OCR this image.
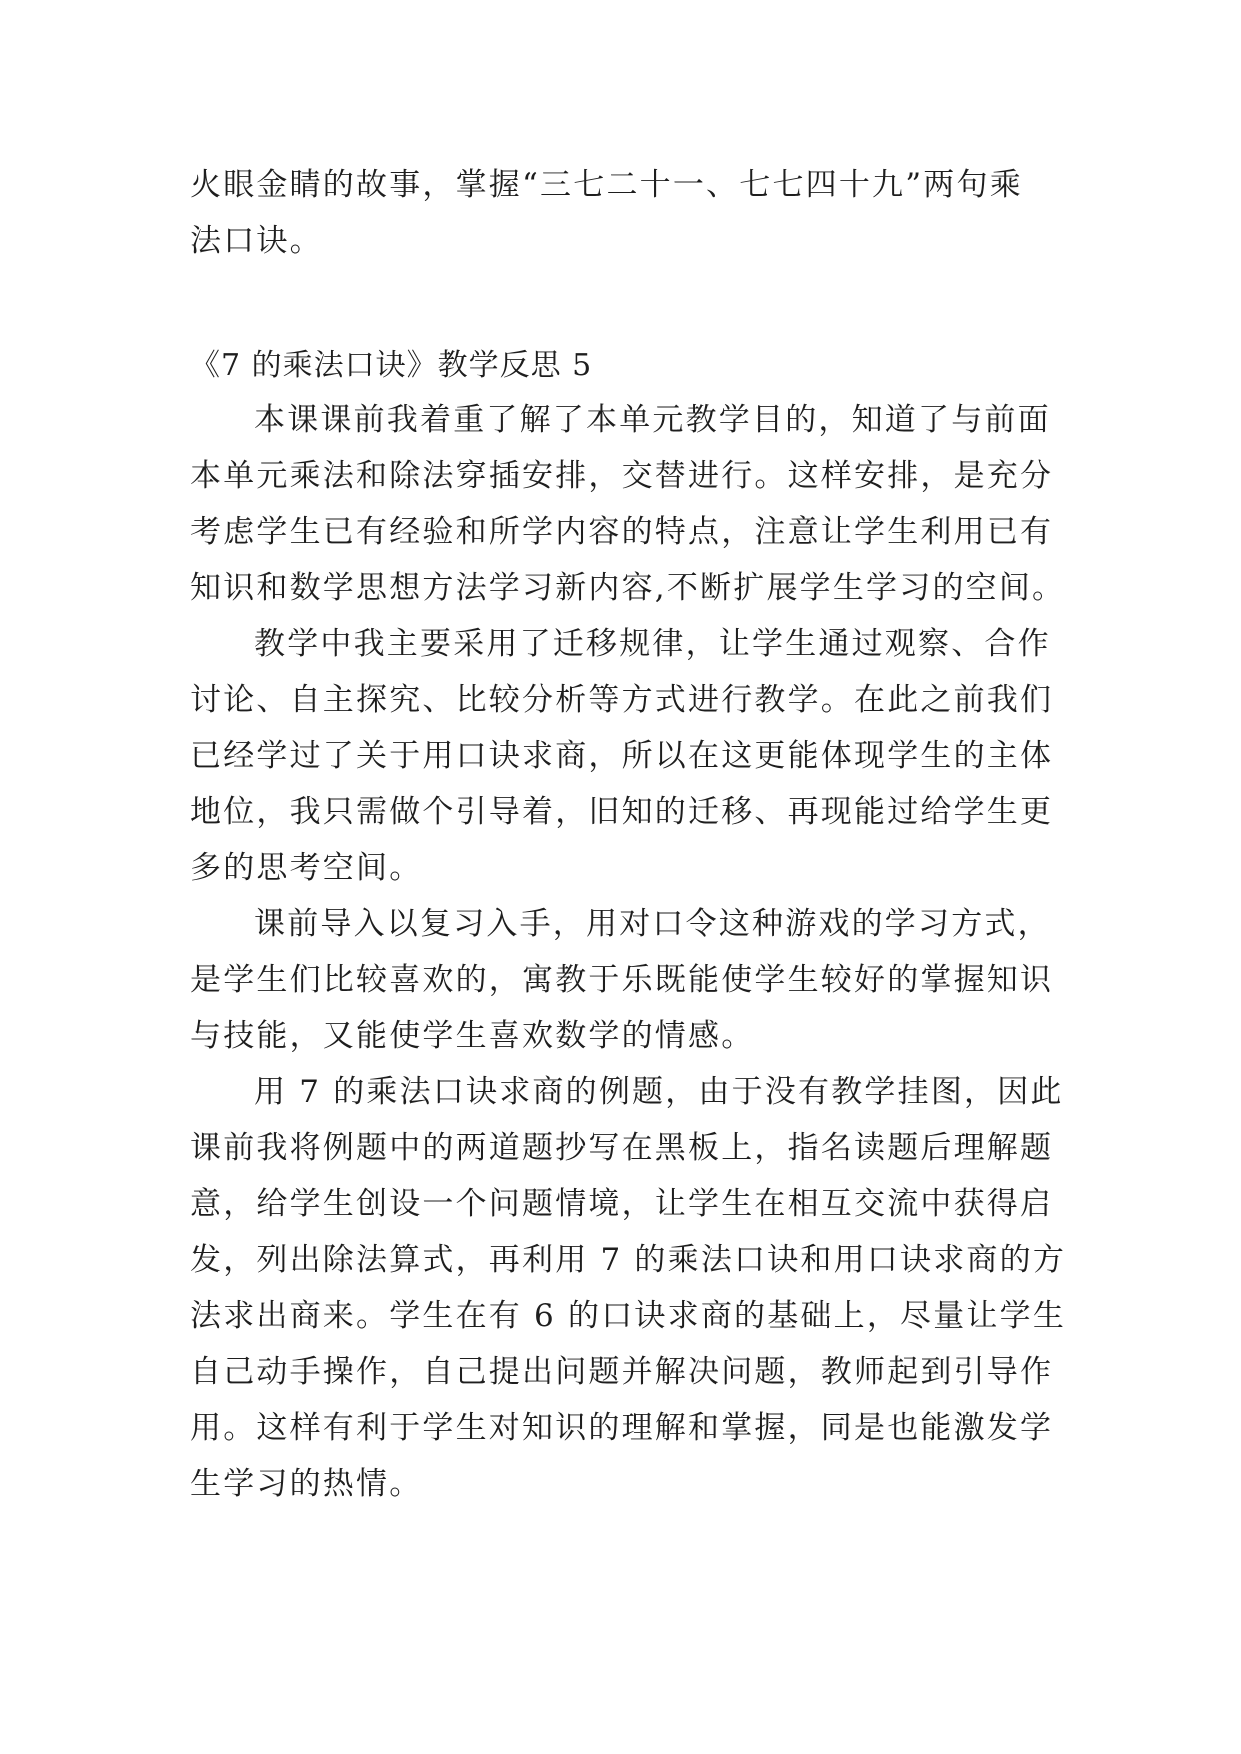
火眼金睛的故事，掌握“三七二十一、七七四十九”两句乘
法口诀。
《7 的乘法口诀》教学反思 5
本课课前我着重了解了本单元教学目的，知道了与前面
本单元乘法和除法穿插安排，交替进行。这样安排，是充分
考虑学生已有经验和所学内容的特点，注意让学生利用已有
知识和数学思想方法学习新内容,不断扩展学生学习的空间。
教学中我主要采用了迁移规律，让学生通过观察、合作
讨论、自主探究、比较分析等方式进行教学。在此之前我们
已经学过了关于用口诀求商，所以在这更能体现学生的主体
地位，我只需做个引导着，旧知的迁移、再现能过给学生更
多的思考空间。
课前导入以复习入手，用对口令这种游戏的学习方式，
是学生们比较喜欢的，寓教于乐既能使学生较好的掌握知识
与技能，又能使学生喜欢数学的情感。
用 7 的乘法口诀求商的例题，由于没有教学挂图，因此
课前我将例题中的两道题抄写在黑板上，指名读题后理解题
意，给学生创设一个问题情境，让学生在相互交流中获得启
发，列出除法算式，再利用 7 的乘法口诀和用口诀求商的方
法求出商来。学生在有 6 的口诀求商的基础上，尽量让学生
自己动手操作，自己提出问题并解决问题，教师起到引导作
用。这样有利于学生对知识的理解和掌握，同是也能激发学
生学习的热情。
